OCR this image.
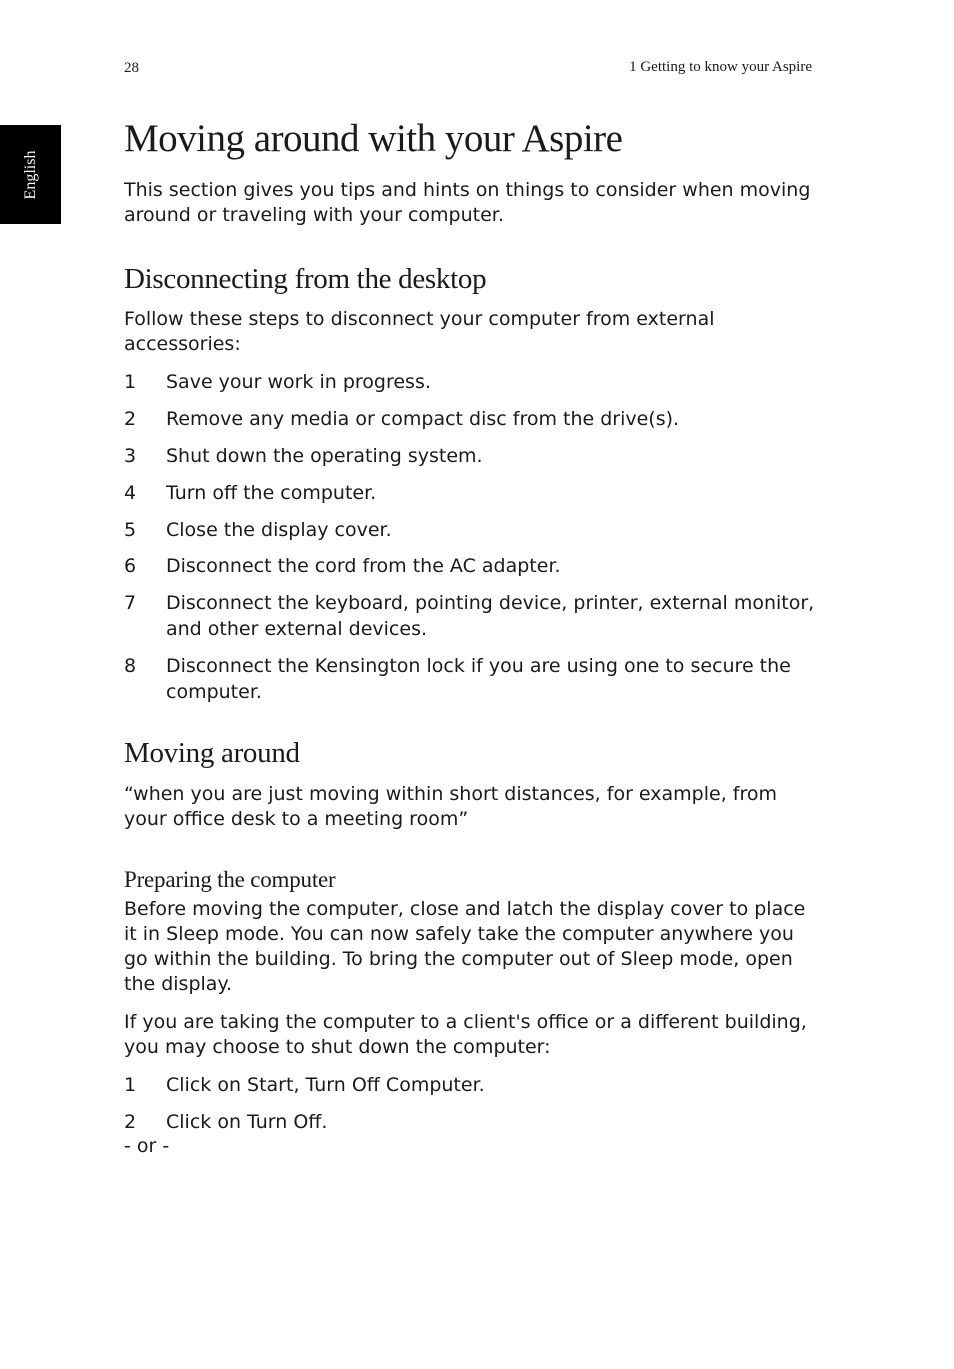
28	1 Getting to know your Aspire
English
Moving around with your Aspire

This section gives you tips and hints on things to consider when moving around or traveling with your computer.

Disconnecting from the desktop

Follow these steps to disconnect your computer from external accessories:

1 Save your work in progress.
2 Remove any media or compact disc from the drive(s).
3 Shut down the operating system.
4 Turn off the computer.
5 Close the display cover.
6 Disconnect the cord from the AC adapter.
7 Disconnect the keyboard, pointing device, printer, external monitor, and other external devices.
8 Disconnect the Kensington lock if you are using one to secure the computer.
Moving around

“when you are just moving within short distances, for example, from your office desk to a meeting room”

Preparing the computer

Before moving the computer, close and latch the display cover to place it in Sleep mode. You can now safely take the computer anywhere you go within the building. To bring the computer out of Sleep mode, open the display.

If you are taking the computer to a client's office or a different building, you may choose to shut down the computer:

1 Click on Start, Turn Off Computer.
2 Click on Turn Off.
- or -
